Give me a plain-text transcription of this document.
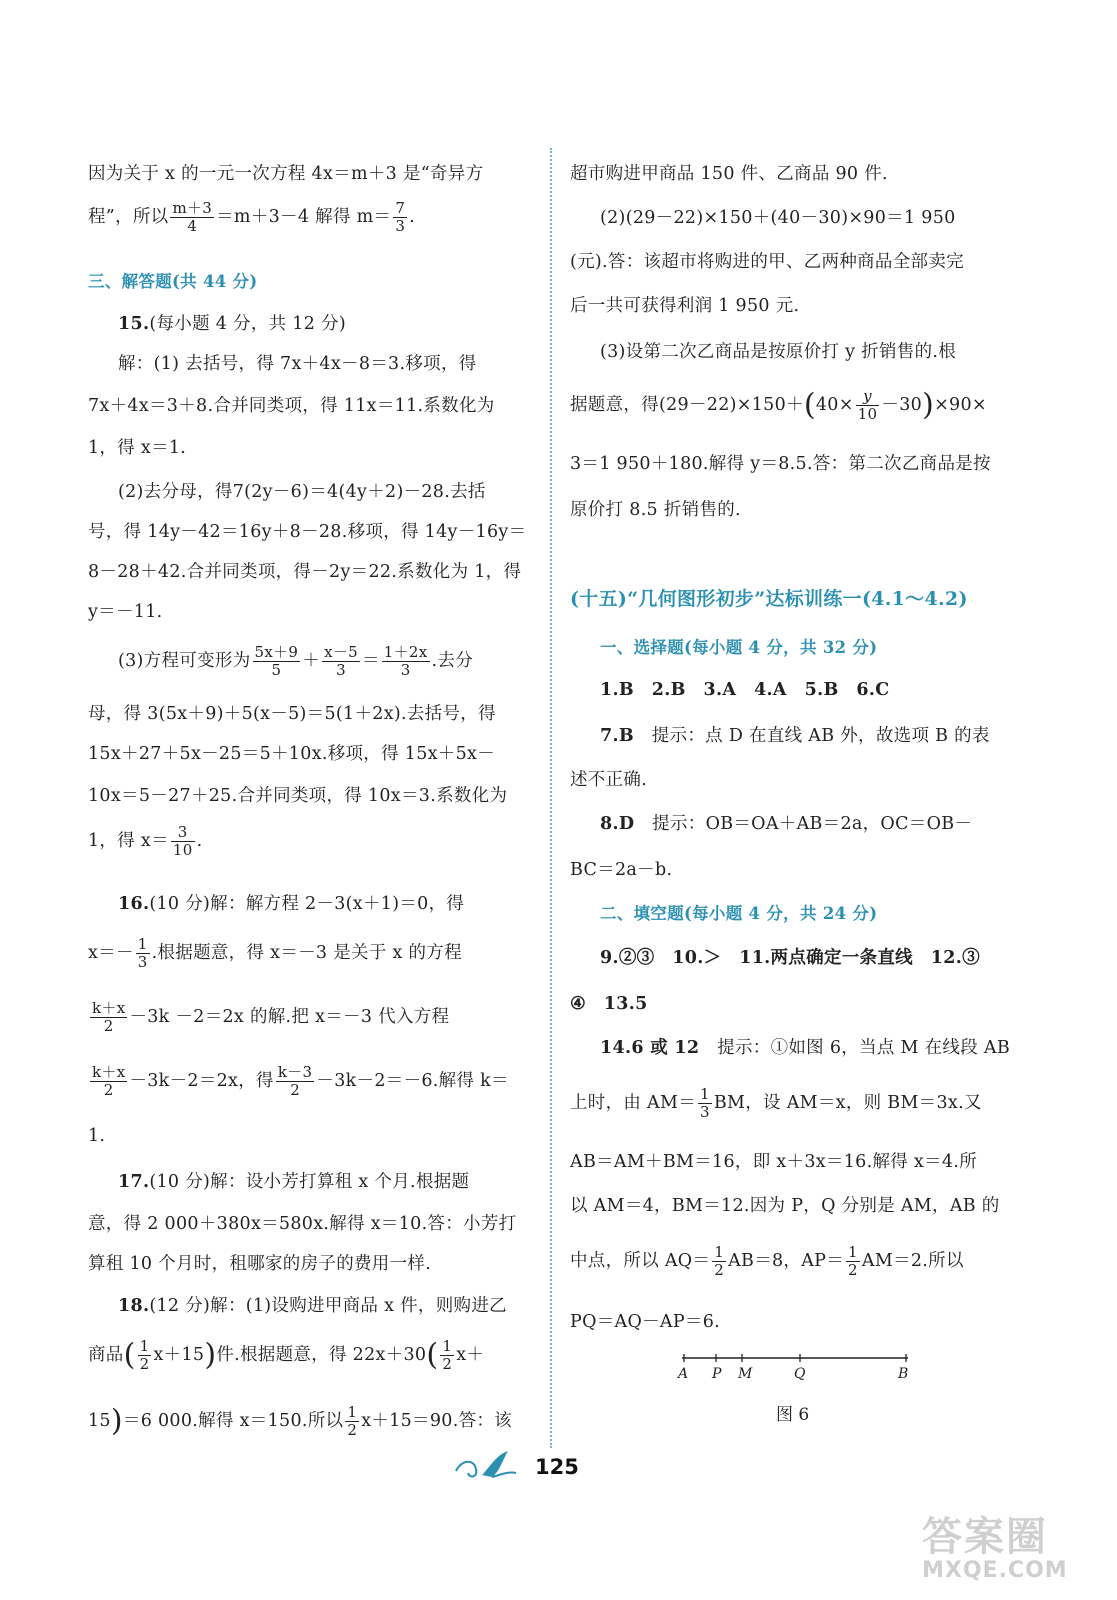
因为关于 x 的一元一次方程 4x＝m＋3 是“奇异方
程”，所以 $\frac{m+3}{4} =m+3-4$ 解得 $m= \frac{7}{3}$ .
三、解答题(共 44 分)
15.(每小题 4 分，共 12 分)
解：(1) 去括号，得 7x＋4x－8＝3.移项，得
7x＋4x＝3＋8.合并同类项，得 11x＝11.系数化为
1，得 x＝1.
(2)去分母，得7(2y－6)＝4(4y＋2)－28.去括
号，得 14y－42＝16y＋8－28.移项，得 14y－16y＝
8－28＋42.合并同类项，得－2y＝22.系数化为 1，得
y＝－11.
(3)方程可变形为 $\frac{5x+9}{5} + \frac{x-5}{3} = \frac{1+2x}{3}$ .去分
母，得 3(5x＋9)＋5(x－5)＝5(1＋2x).去括号，得
15x＋27＋5x－25＝5＋10x.移项，得 15x＋5x－
10x＝5－27＋25.合并同类项，得 10x＝3.系数化为
1，得 $x= \frac{3}{10}$ .
16.(10 分)解：解方程 2－3(x＋1)＝0，得
$x=- \frac{1}{3}$ .根据题意，得 x＝－3 是关于 x 的方程
$\frac{k+x}{2} -3k -2=2x$ 的解.把 x＝－3 代入方程
$\frac{k+x}{2} -3k-2=2x$，得 $\frac{k-3}{2} -3k-2=-6$.解得 k＝
1.
17.(10 分)解：设小芳打算租 x 个月.根据题
意，得 2 000＋380x＝580x.解得 x＝10.答：小芳打
算租 10 个月时，租哪家的房子的费用一样.
18.(12 分)解：(1)设购进甲商品 x 件，则购进乙
商品( $\frac{1}{2} x+15$)件.根据题意，得 $22x+30( \frac{1}{2} x+$
15)＝6 000.解得 x＝150.所以 $\frac{1}{2} x+15=90$.答：该
超市购进甲商品 150 件、乙商品 90 件.
(2)(29－22)×150＋(40－30)×90＝1 950
(元).答：该超市将购进的甲、乙两种商品全部卖完
后一共可获得利润 1 950 元.
(3)设第二次乙商品是按原价打 y 折销售的.根
据题意，得$(29-22)\times 150+(40\times \frac{y}{10} -30)\times 90\times$
3＝1 950＋180.解得 y＝8.5.答：第二次乙商品是按
原价打 8.5 折销售的.
(十五)“几何图形初步”达标训练一(4.1～4.2)
一、选择题(每小题 4 分，共 32 分)
1.B　2.B　3.A　4.A　5.B　6.C
7.B　 提示：点 D 在直线 AB 外，故选项 B 的表
述不正确.
8.D　 提示：OB＝OA＋AB＝2a，OC＝OB－
BC＝2a－b.
二、填空题(每小题 4 分，共 24 分)
9.②③　10.＞　11.两点确定一条直线　12.③
④　13.5
14.6 或 12　 提示：①如图 6，当点 M 在线段 AB
上时，由 $AM= \frac{1}{3}$ BM，设 AM＝x，则 BM＝3x.又
AB＝AM＋BM＝16，即 x＋3x＝16.解得 x＝4.所
以 AM＝4，BM＝12.因为 P，Q 分别是 AM，AB 的
中点，所以 $AQ= \frac{1}{2} AB=8$，$AP= \frac{1}{2} AM=2$.所以
PQ＝AQ－AP＝6.
A P M	Q	B
图 6
125
答案圈
MXQE.COM
